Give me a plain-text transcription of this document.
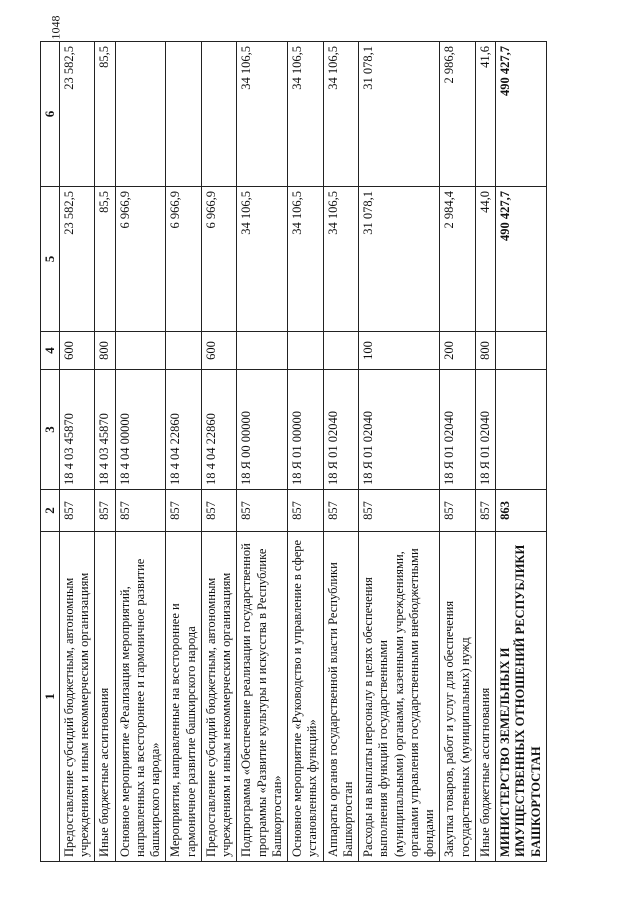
1048
1	2	3	4	5	6
Предоставление субсидий бюджетным, автономным учреждениям и иным некоммерческим организациям	857	18 4 03 45870	600	23 582,5	23 582,5
Иные бюджетные ассигнования	857	18 4 03 45870	800	85,5	85,5
Основное мероприятие «Реализация мероприятий, направленных на всестороннее и гармоничное развитие башкирского народа»	857	18 4 04 00000		6 966,9	
Мероприятия, направленные на всестороннее и гармоничное развитие башкирского народа	857	18 4 04 22860		6 966,9	
Предоставление субсидий бюджетным, автономным учреждениям и иным некоммерческим организациям	857	18 4 04 22860	600	6 966,9	
Подпрограмма «Обеспечение реализации государственной программы «Развитие культуры и искусства в Республике Башкортостан»	857	18 Я 00 00000		34 106,5	34 106,5
Основное мероприятие «Руководство и управление в сфере установленных функций»	857	18 Я 01 00000		34 106,5	34 106,5
Аппараты органов государственной власти Республики Башкортостан	857	18 Я 01 02040		34 106,5	34 106,5
Расходы на выплаты персоналу в целях обеспечения выполнения функций государственными (муниципальными) органами, казенными учреждениями, органами управления государственными внебюджетными фондами	857	18 Я 01 02040	100	31 078,1	31 078,1
Закупка товаров, работ и услуг для обеспечения государственных (муниципальных) нужд	857	18 Я 01 02040	200	2 984,4	2 986,8
Иные бюджетные ассигнования	857	18 Я 01 02040	800	44,0	41,6
МИНИСТЕРСТВО ЗЕМЕЛЬНЫХ И ИМУЩЕСТВЕННЫХ ОТНОШЕНИЙ РЕСПУБЛИКИ БАШКОРТОСТАН	863			490 427,7	490 427,7
